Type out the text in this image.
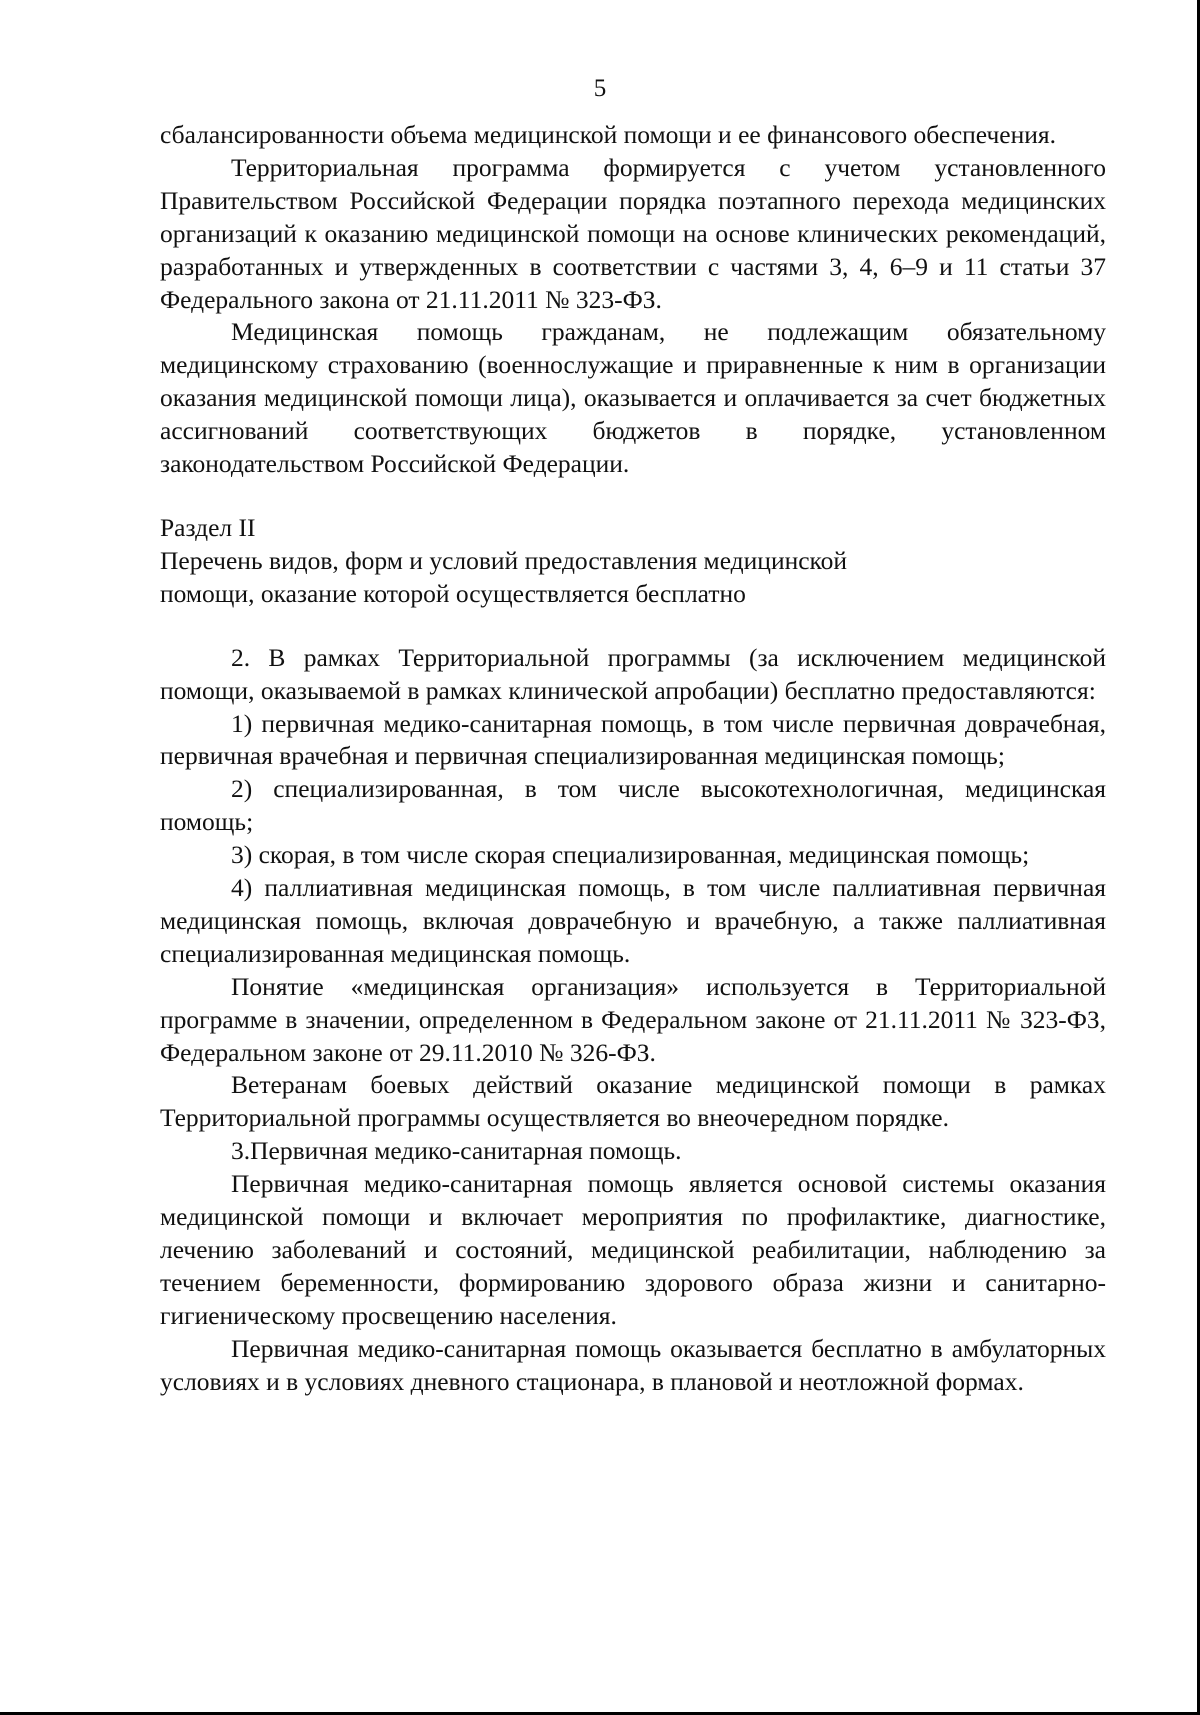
5

сбалансированности объема медицинской помощи и ее финансового обеспечения.

Территориальная программа формируется с учетом установленного Правительством Российской Федерации порядка поэтапного перехода медицинских организаций к оказанию медицинской помощи на основе клинических рекомендаций, разработанных и утвержденных в соответствии с частями 3, 4, 6–9 и 11 статьи 37 Федерального закона от 21.11.2011 № 323-ФЗ.

Медицинская помощь гражданам, не подлежащим обязательному медицинскому страхованию (военнослужащие и приравненные к ним в организации оказания медицинской помощи лица), оказывается и оплачивается за счет бюджетных ассигнований соответствующих бюджетов в порядке, установленном законодательством Российской Федерации.

Раздел II

Перечень видов, форм и условий предоставления медицинской

помощи, оказание которой осуществляется бесплатно

2. В рамках Территориальной программы (за исключением медицинской помощи, оказываемой в рамках клинической апробации) бесплатно предоставляются:

1) первичная медико-санитарная помощь, в том числе первичная доврачебная, первичная врачебная и первичная специализированная медицинская помощь;

2) специализированная, в том числе высокотехнологичная, медицинская помощь;

3) скорая, в том числе скорая специализированная, медицинская помощь;

4) паллиативная медицинская помощь, в том числе паллиативная первичная медицинская помощь, включая доврачебную и врачебную, а также паллиативная специализированная медицинская помощь.

Понятие «медицинская организация» используется в Территориальной программе в значении, определенном в Федеральном законе от 21.11.2011 № 323-ФЗ, Федеральном законе от 29.11.2010 № 326-ФЗ.

Ветеранам боевых действий оказание медицинской помощи в рамках Территориальной программы осуществляется во внеочередном порядке.

3.Первичная медико-санитарная помощь.

Первичная медико-санитарная помощь является основой системы оказания медицинской помощи и включает мероприятия по профилактике, диагностике, лечению заболеваний и состояний, медицинской реабилитации, наблюдению за течением беременности, формированию здорового образа жизни и санитарно-гигиеническому просвещению населения.

Первичная медико-санитарная помощь оказывается бесплатно в амбулаторных условиях и в условиях дневного стационара, в плановой и неотложной формах.
